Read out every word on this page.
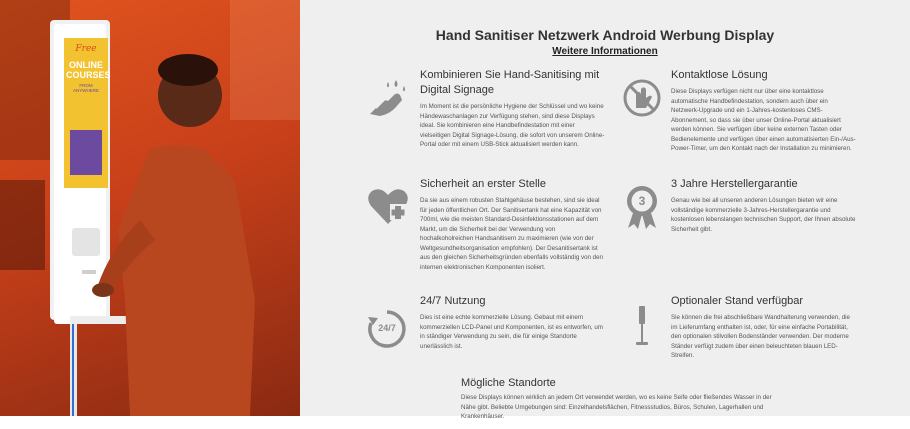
Free
ONLINE COURSES
FROM ANYWHERE
Hand Sanitiser Netzwerk Android Werbung Display
Weitere Informationen
Kombinieren Sie Hand-Sanitising mit Digital Signage

Im Moment ist die persönliche Hygiene der Schlüssel und wo keine Händewaschanlagen zur Verfügung stehen, sind diese Displays ideal. Sie kombinieren eine Handbefindestation mit einer vielseitigen Digital Signage-Lösung, die sofort von unserem Online-Portal oder mit einem USB-Stick aktualisiert werden kann.

Kontaktlose Lösung

Diese Displays verfügen nicht nur über eine kontaktlose automatische Handbefindestation, sondern auch über ein Netzwerk-Upgrade und ein 1-Jahres-kostenloses CMS-Abonnement, so dass sie über unser Online-Portal aktualisiert werden können. Sie verfügen über keine externen Tasten oder Bedienelemente und verfügen über einen automatisierten Ein-/Aus-Power-Timer, um den Kontakt nach der Installation zu minimieren.

Sicherheit an erster Stelle

Da sie aus einem robusten Stahlgehäuse bestehen, sind sie ideal für jeden öffentlichen Ort. Der Sanitisertank hat eine Kapazität von 700ml, wie die meisten Standard-Desinfektionsstationen auf dem Markt, um die Sicherheit bei der Verwendung von hochalkoholreichen Handsanitisern zu maximieren (wie von der Weltgesundheitsorganisation empfohlen). Der Desanitisertank ist aus den gleichen Sicherheitsgründen ebenfalls vollständig von den internen elektronischen Komponenten isoliert.

3
3 Jahre Herstellergarantie

Genau wie bei all unseren anderen Lösungen bieten wir eine vollständige kommerzielle 3-Jahres-Herstellergarantie und kostenlosen lebenslangen technischen Support, der Ihnen absolute Sicherheit gibt.

24/7
24/7 Nutzung

Dies ist eine echte kommerzielle Lösung. Gebaut mit einem kommerziellen LCD-Panel und Komponenten, ist es entworfen, um in ständiger Verwendung zu sein, die für einige Standorte unerlässlich ist.

Optionaler Stand verfügbar

Sie können die frei abschließbare Wandhalterung verwenden, die im Lieferumfang enthalten ist, oder, für eine einfache Portabilität, den optionalen stilvollen Bodenständer verwenden. Der moderne Ständer verfügt zudem über einen beleuchteten blauen LED-Streifen.

Mögliche Standorte

Diese Displays können wirklich an jedem Ort verwendet werden, wo es keine Seife oder fließendes Wasser in der Nähe gibt. Beliebte Umgebungen sind: Einzelhandelsflächen, Fitnessstudios, Büros, Schulen, Lagerhallen und Krankenhäuser.
